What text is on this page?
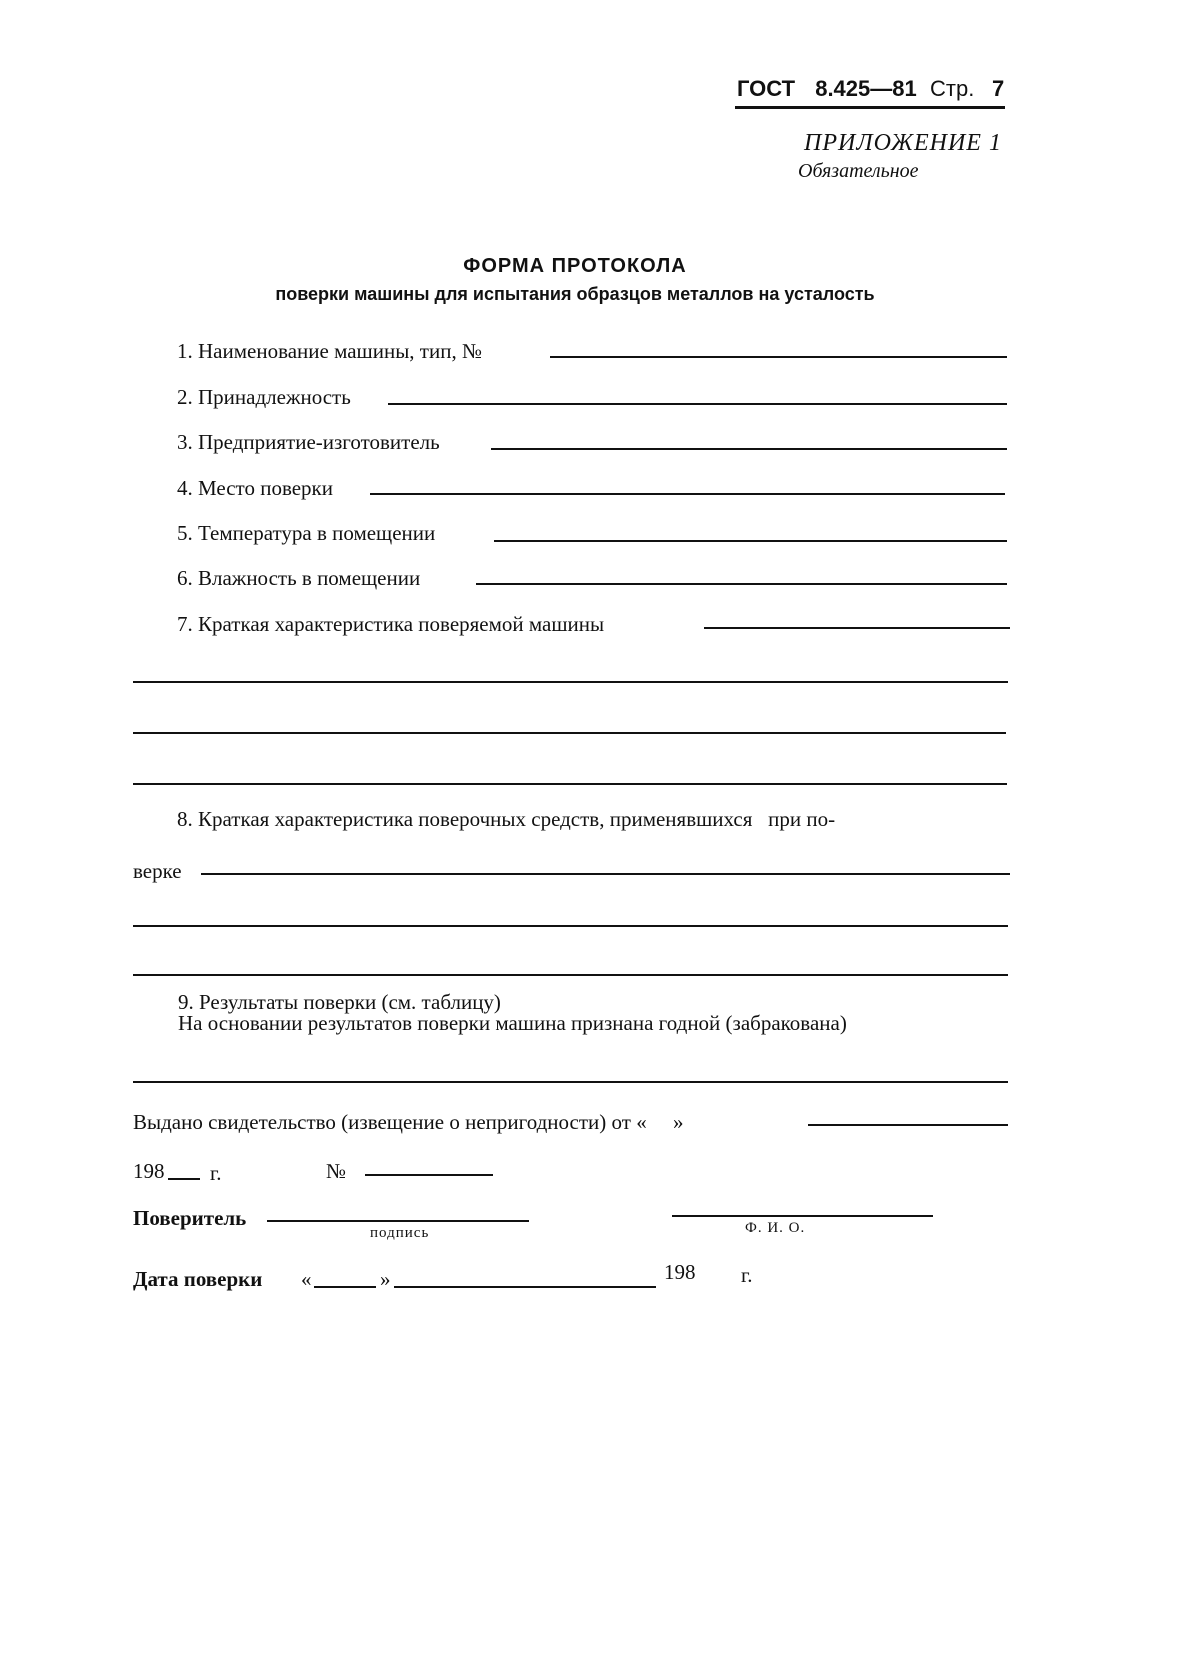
ГОСТ 8.425—81 Стр. 7
ПРИЛОЖЕНИЕ 1
Обязательное
ФОРМА ПРОТОКОЛА
поверки машины для испытания образцов металлов на усталость
1. Наименование машины, тип, №
2. Принадлежность
3. Предприятие-изготовитель
4. Место поверки
5. Температура в помещении
6. Влажность в помещении
7. Краткая характеристика поверяемой машины
8. Краткая характеристика поверочных средств, применявшихся   при по-
верке
9. Результаты поверки (см. таблицу)
На основании результатов поверки машина признана годной (забракована)
Выдано свидетельство (извещение о непригодности) от «     »
198 г.	№
Поверитель
подпись	Ф. И. О.
Дата поверки «	»	198 г.
